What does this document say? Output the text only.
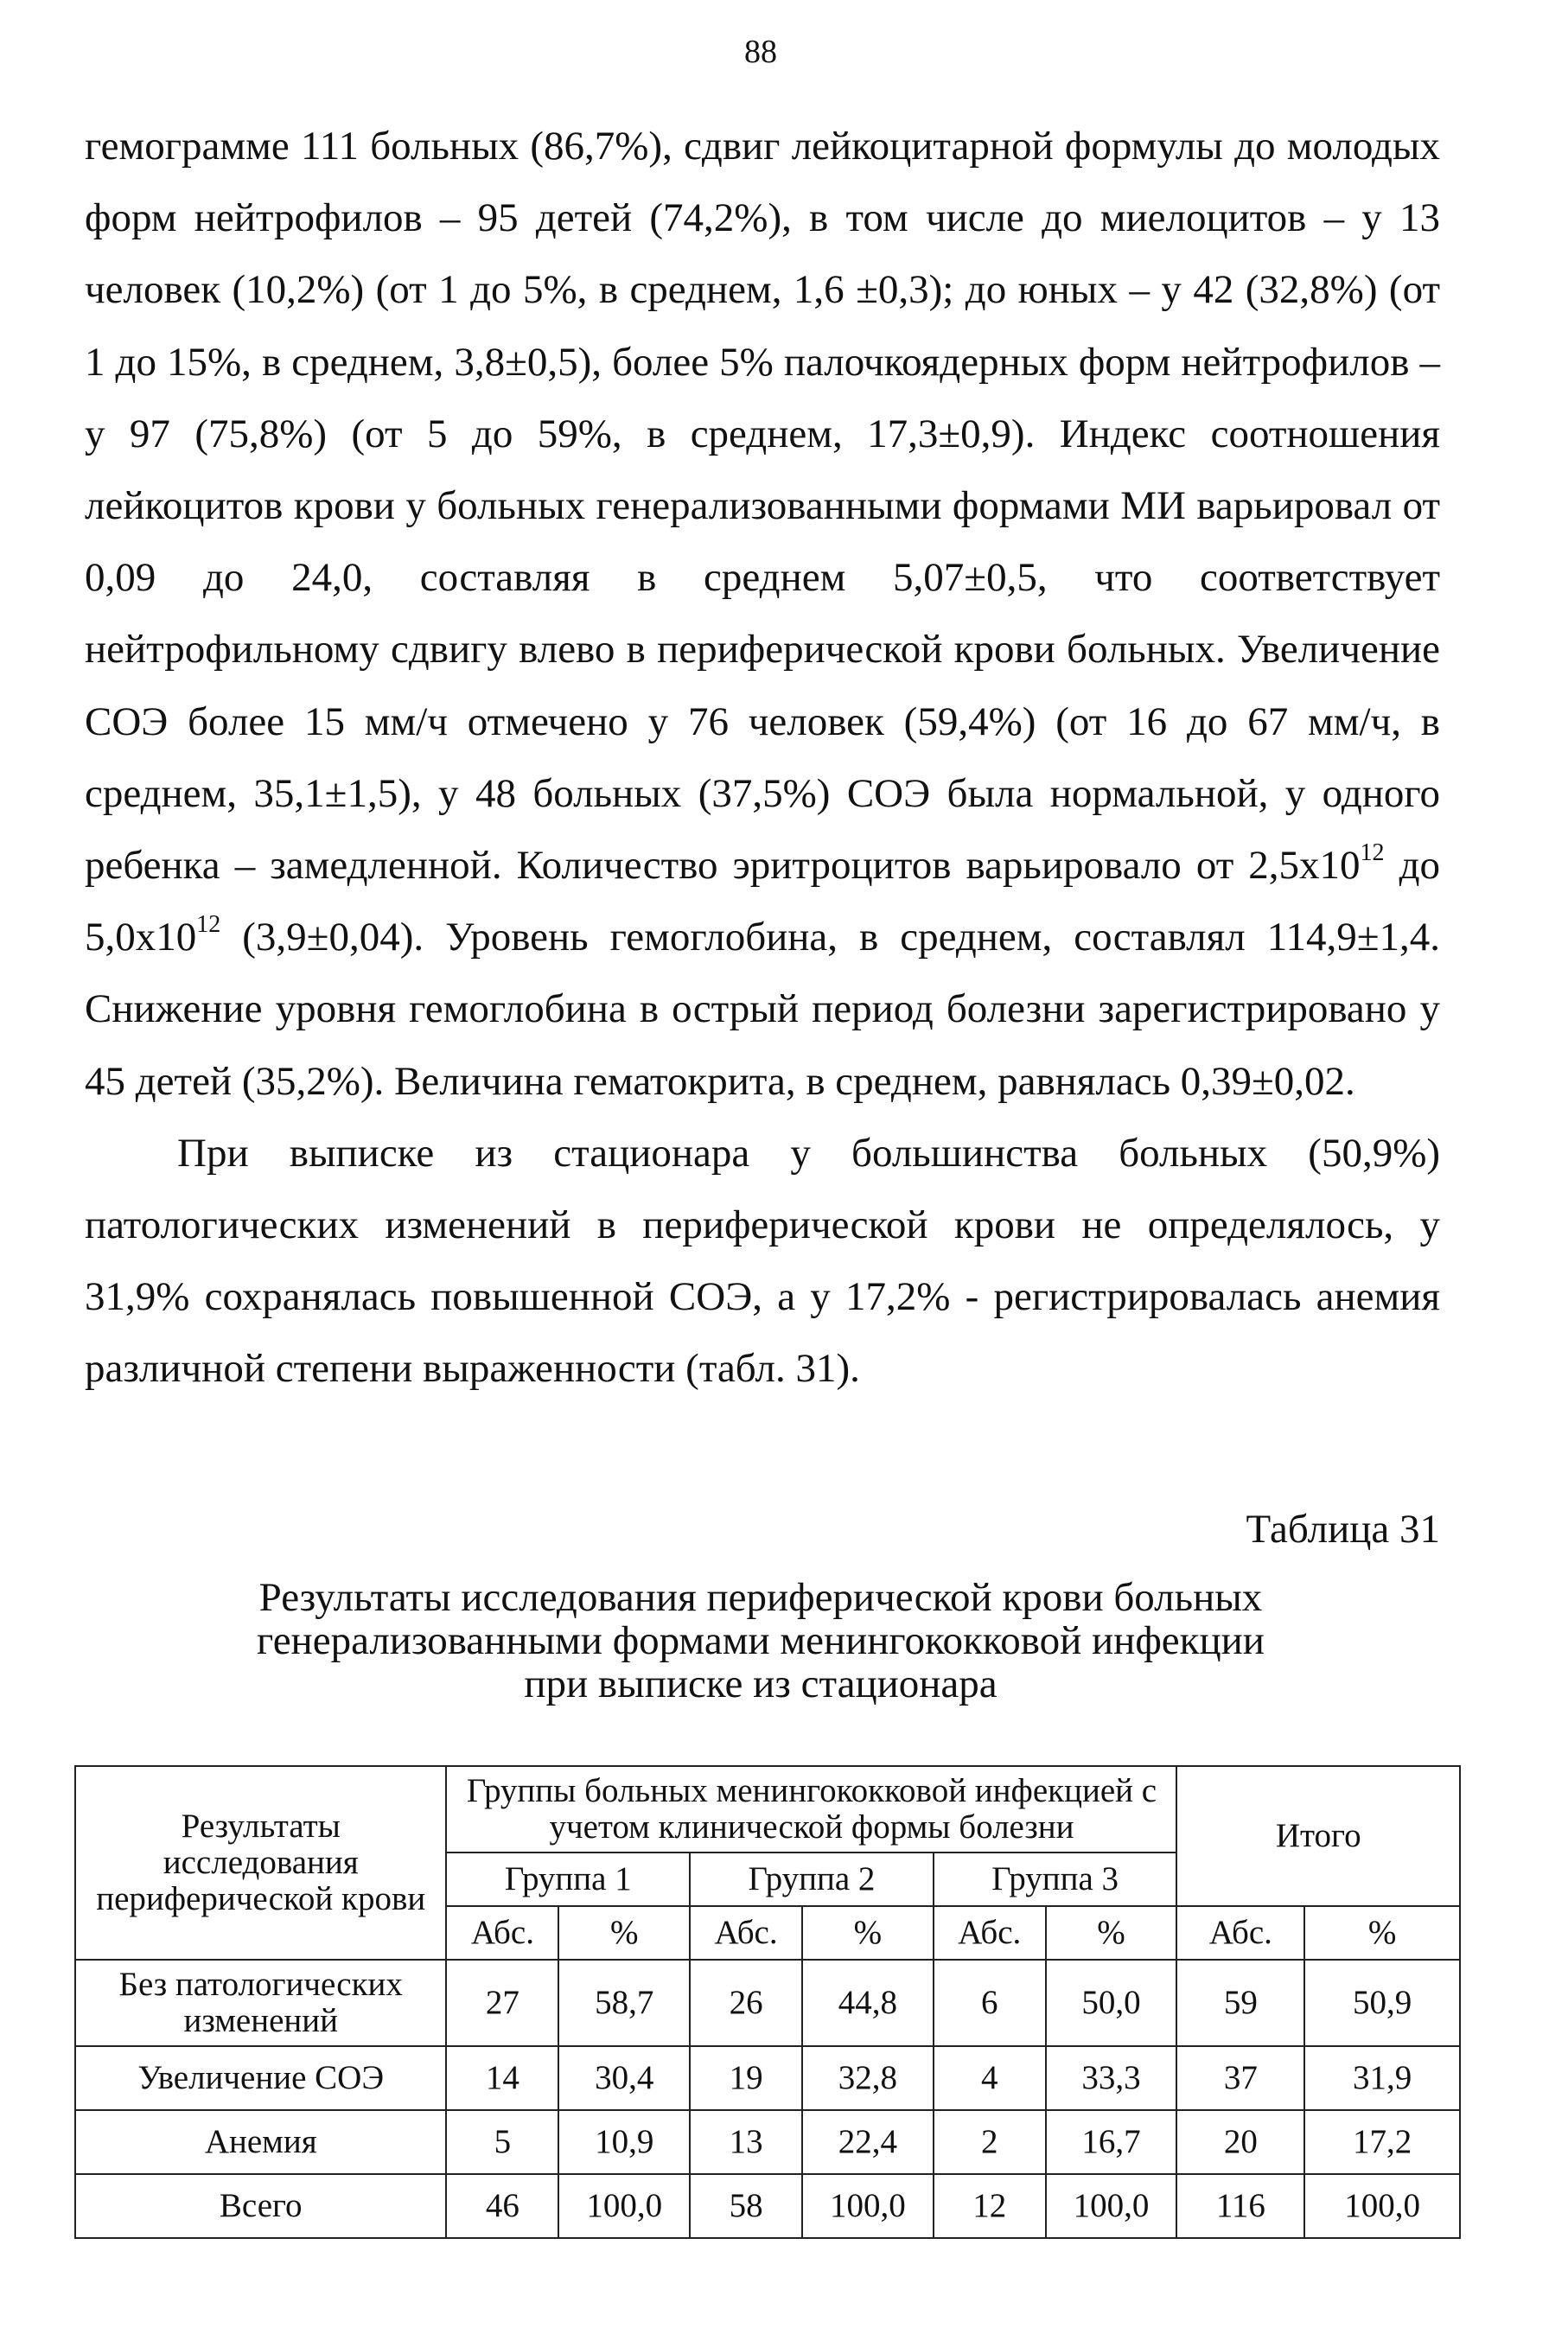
88

гемограмме 111 больных (86,7%), сдвиг лейкоцитарной формулы до молодых форм нейтрофилов – 95 детей (74,2%), в том числе до миелоцитов – у 13 человек (10,2%) (от 1 до 5%, в среднем, 1,6 ±0,3); до юных – у 42 (32,8%) (от 1 до 15%, в среднем, 3,8±0,5), более 5% палочкоядерных форм нейтрофилов – у 97 (75,8%) (от 5 до 59%, в среднем, 17,3±0,9). Индекс соотношения лейкоцитов крови у больных генерализованными формами МИ варьировал от 0,09 до 24,0, составляя в среднем 5,07±0,5, что соответствует нейтрофильному сдвигу влево в периферической крови больных. Увеличение СОЭ более 15 мм/ч отмечено у 76 человек (59,4%) (от 16 до 67 мм/ч, в среднем, 35,1±1,5), у 48 больных (37,5%) СОЭ была нормальной, у одного ребенка – замедленной. Количество эритроцитов варьировало от $2,5х10^{12}$ до $5,0х10^{12}$ (3,9±0,04). Уровень гемоглобина, в среднем, составлял 114,9±1,4. Снижение уровня гемоглобина в острый период болезни зарегистрировано у 45 детей (35,2%). Величина гематокрита, в среднем, равнялась 0,39±0,02.

При выписке из стационара у большинства больных (50,9%) патологических изменений в периферической крови не определялось, у 31,9% сохранялась повышенной СОЭ, а у 17,2% - регистрировалась анемия различной степени выраженности (табл. 31).

Таблица 31
Результаты исследования периферической крови больных
генерализованными формами менингококковой инфекции
при выписке из стационара
Результаты исследования периферической крови	Группы больных менингококковой инфекцией с учетом клинической формы болезни						Итого	
	Группа 1		Группа 2		Группа 3			
	Абс.	%	Абс.	%	Абс.	%	Абс.	%
Без патологических изменений	27	58,7	26	44,8	6	50,0	59	50,9
Увеличение СОЭ	14	30,4	19	32,8	4	33,3	37	31,9
Анемия	5	10,9	13	22,4	2	16,7	20	17,2
Всего	46	100,0	58	100,0	12	100,0	116	100,0
